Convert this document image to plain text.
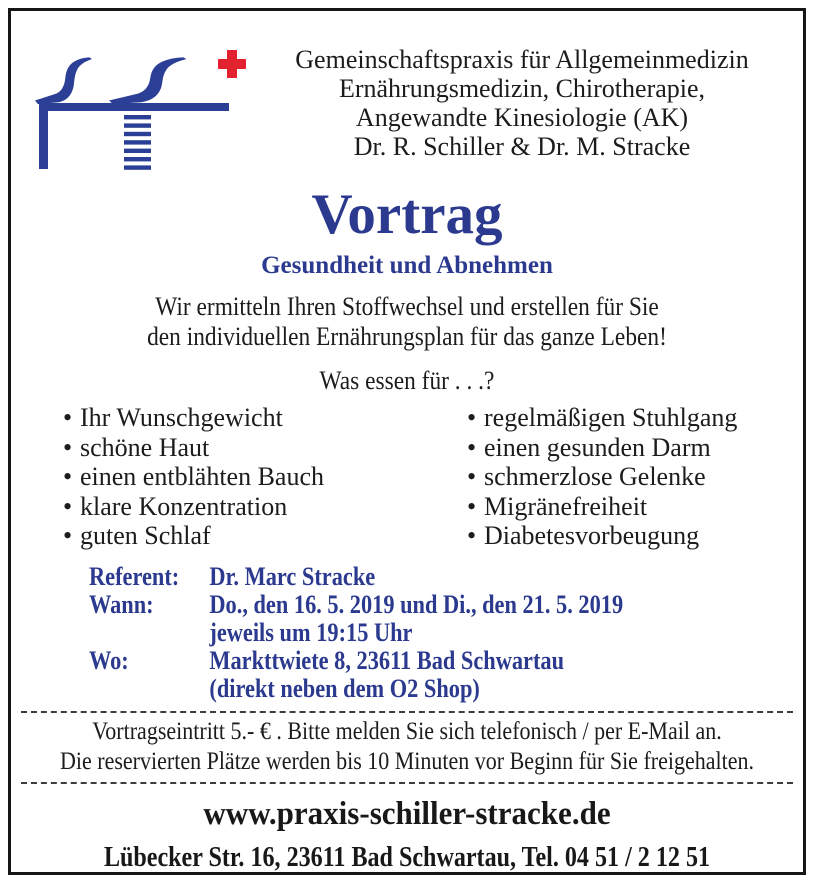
Gemeinschaftspraxis für Allgemeinmedizin
Ernährungsmedizin, Chirotherapie,
Angewandte Kinesiologie (AK)
Dr. R. Schiller & Dr. M. Stracke
Vortrag
Gesundheit und Abnehmen
Wir ermitteln Ihren Stoffwechsel und erstellen für Sie
den individuellen Ernährungsplan für das ganze Leben!
Was essen für . . .?
• Ihr Wunschgewicht
• schöne Haut
• einen entblähten Bauch
• klare Konzentration
• guten Schlaf
• regelmäßigen Stuhlgang
• einen gesunden Darm
• schmerzlose Gelenke
• Migränefreiheit
• Diabetesvorbeugung
Referent:	Dr. Marc Stracke
Wann:	Do., den 16. 5. 2019 und Di., den 21. 5. 2019
jeweils um 19:15 Uhr
Wo:	Markttwiete 8, 23611 Bad Schwartau
(direkt neben dem O2 Shop)
Vortragseintritt 5.- € . Bitte melden Sie sich telefonisch / per E-Mail an.
Die reservierten Plätze werden bis 10 Minuten vor Beginn für Sie freigehalten.
www.praxis-schiller-stracke.de
Lübecker Str. 16, 23611 Bad Schwartau, Tel. 04 51 / 2 12 51
